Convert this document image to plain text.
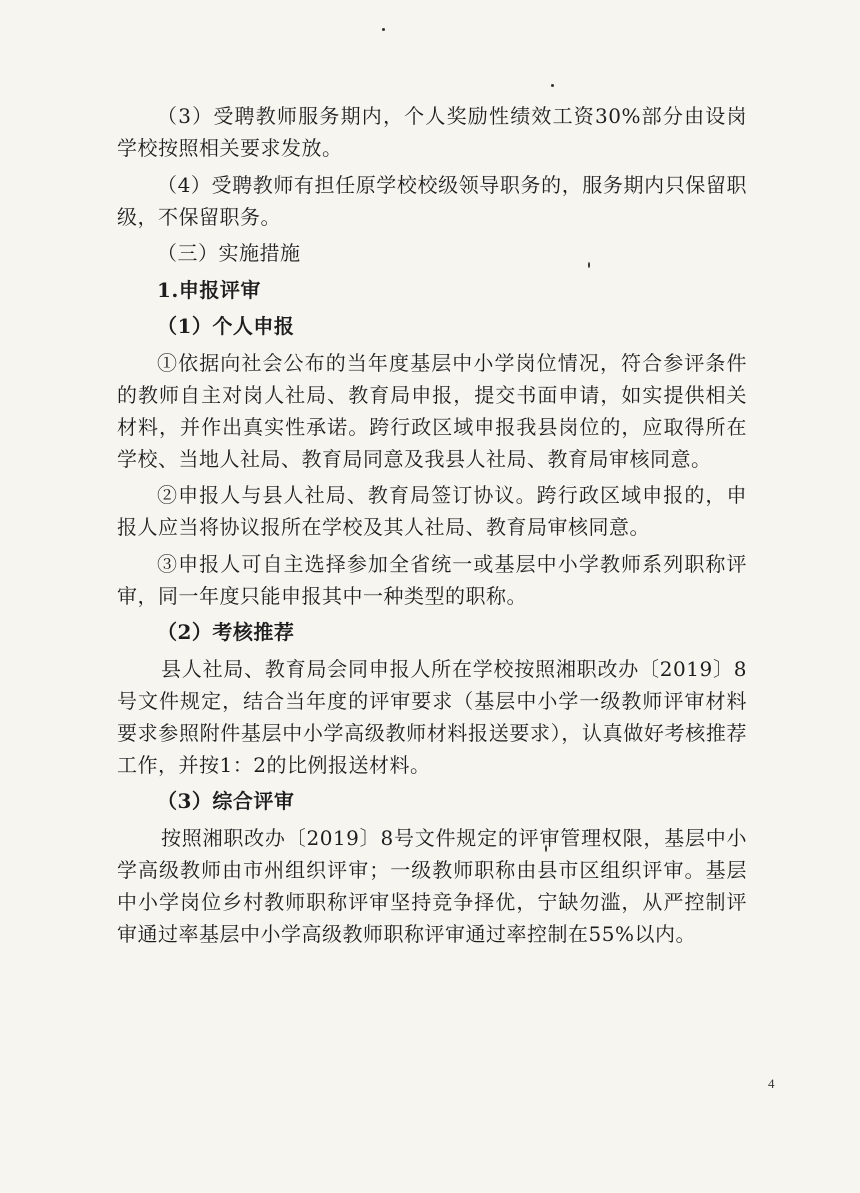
（3）受聘教师服务期内，个人奖励性绩效工资30%部分由设岗学校按照相关要求发放。

（4）受聘教师有担任原学校校级领导职务的，服务期内只保留职级，不保留职务。

（三）实施措施

1.申报评审

（1）个人申报

①依据向社会公布的当年度基层中小学岗位情况，符合参评条件的教师自主对岗人社局、教育局申报，提交书面申请，如实提供相关材料，并作出真实性承诺。跨行政区域申报我县岗位的，应取得所在学校、当地人社局、教育局同意及我县人社局、教育局审核同意。

②申报人与县人社局、教育局签订协议。跨行政区域申报的，申报人应当将协议报所在学校及其人社局、教育局审核同意。

③申报人可自主选择参加全省统一或基层中小学教师系列职称评审，同一年度只能申报其中一种类型的职称。

（2）考核推荐

县人社局、教育局会同申报人所在学校按照湘职改办〔2019〕8号文件规定，结合当年度的评审要求（基层中小学一级教师评审材料要求参照附件基层中小学高级教师材料报送要求），认真做好考核推荐工作，并按1：2的比例报送材料。

（3）综合评审

按照湘职改办〔2019〕8号文件规定的评审管理权限，基层中小学高级教师由市州组织评审；一级教师职称由县市区组织评审。基层中小学岗位乡村教师职称评审坚持竞争择优，宁缺勿滥，从严控制评审通过率基层中小学高级教师职称评审通过率控制在55%以内。

4
